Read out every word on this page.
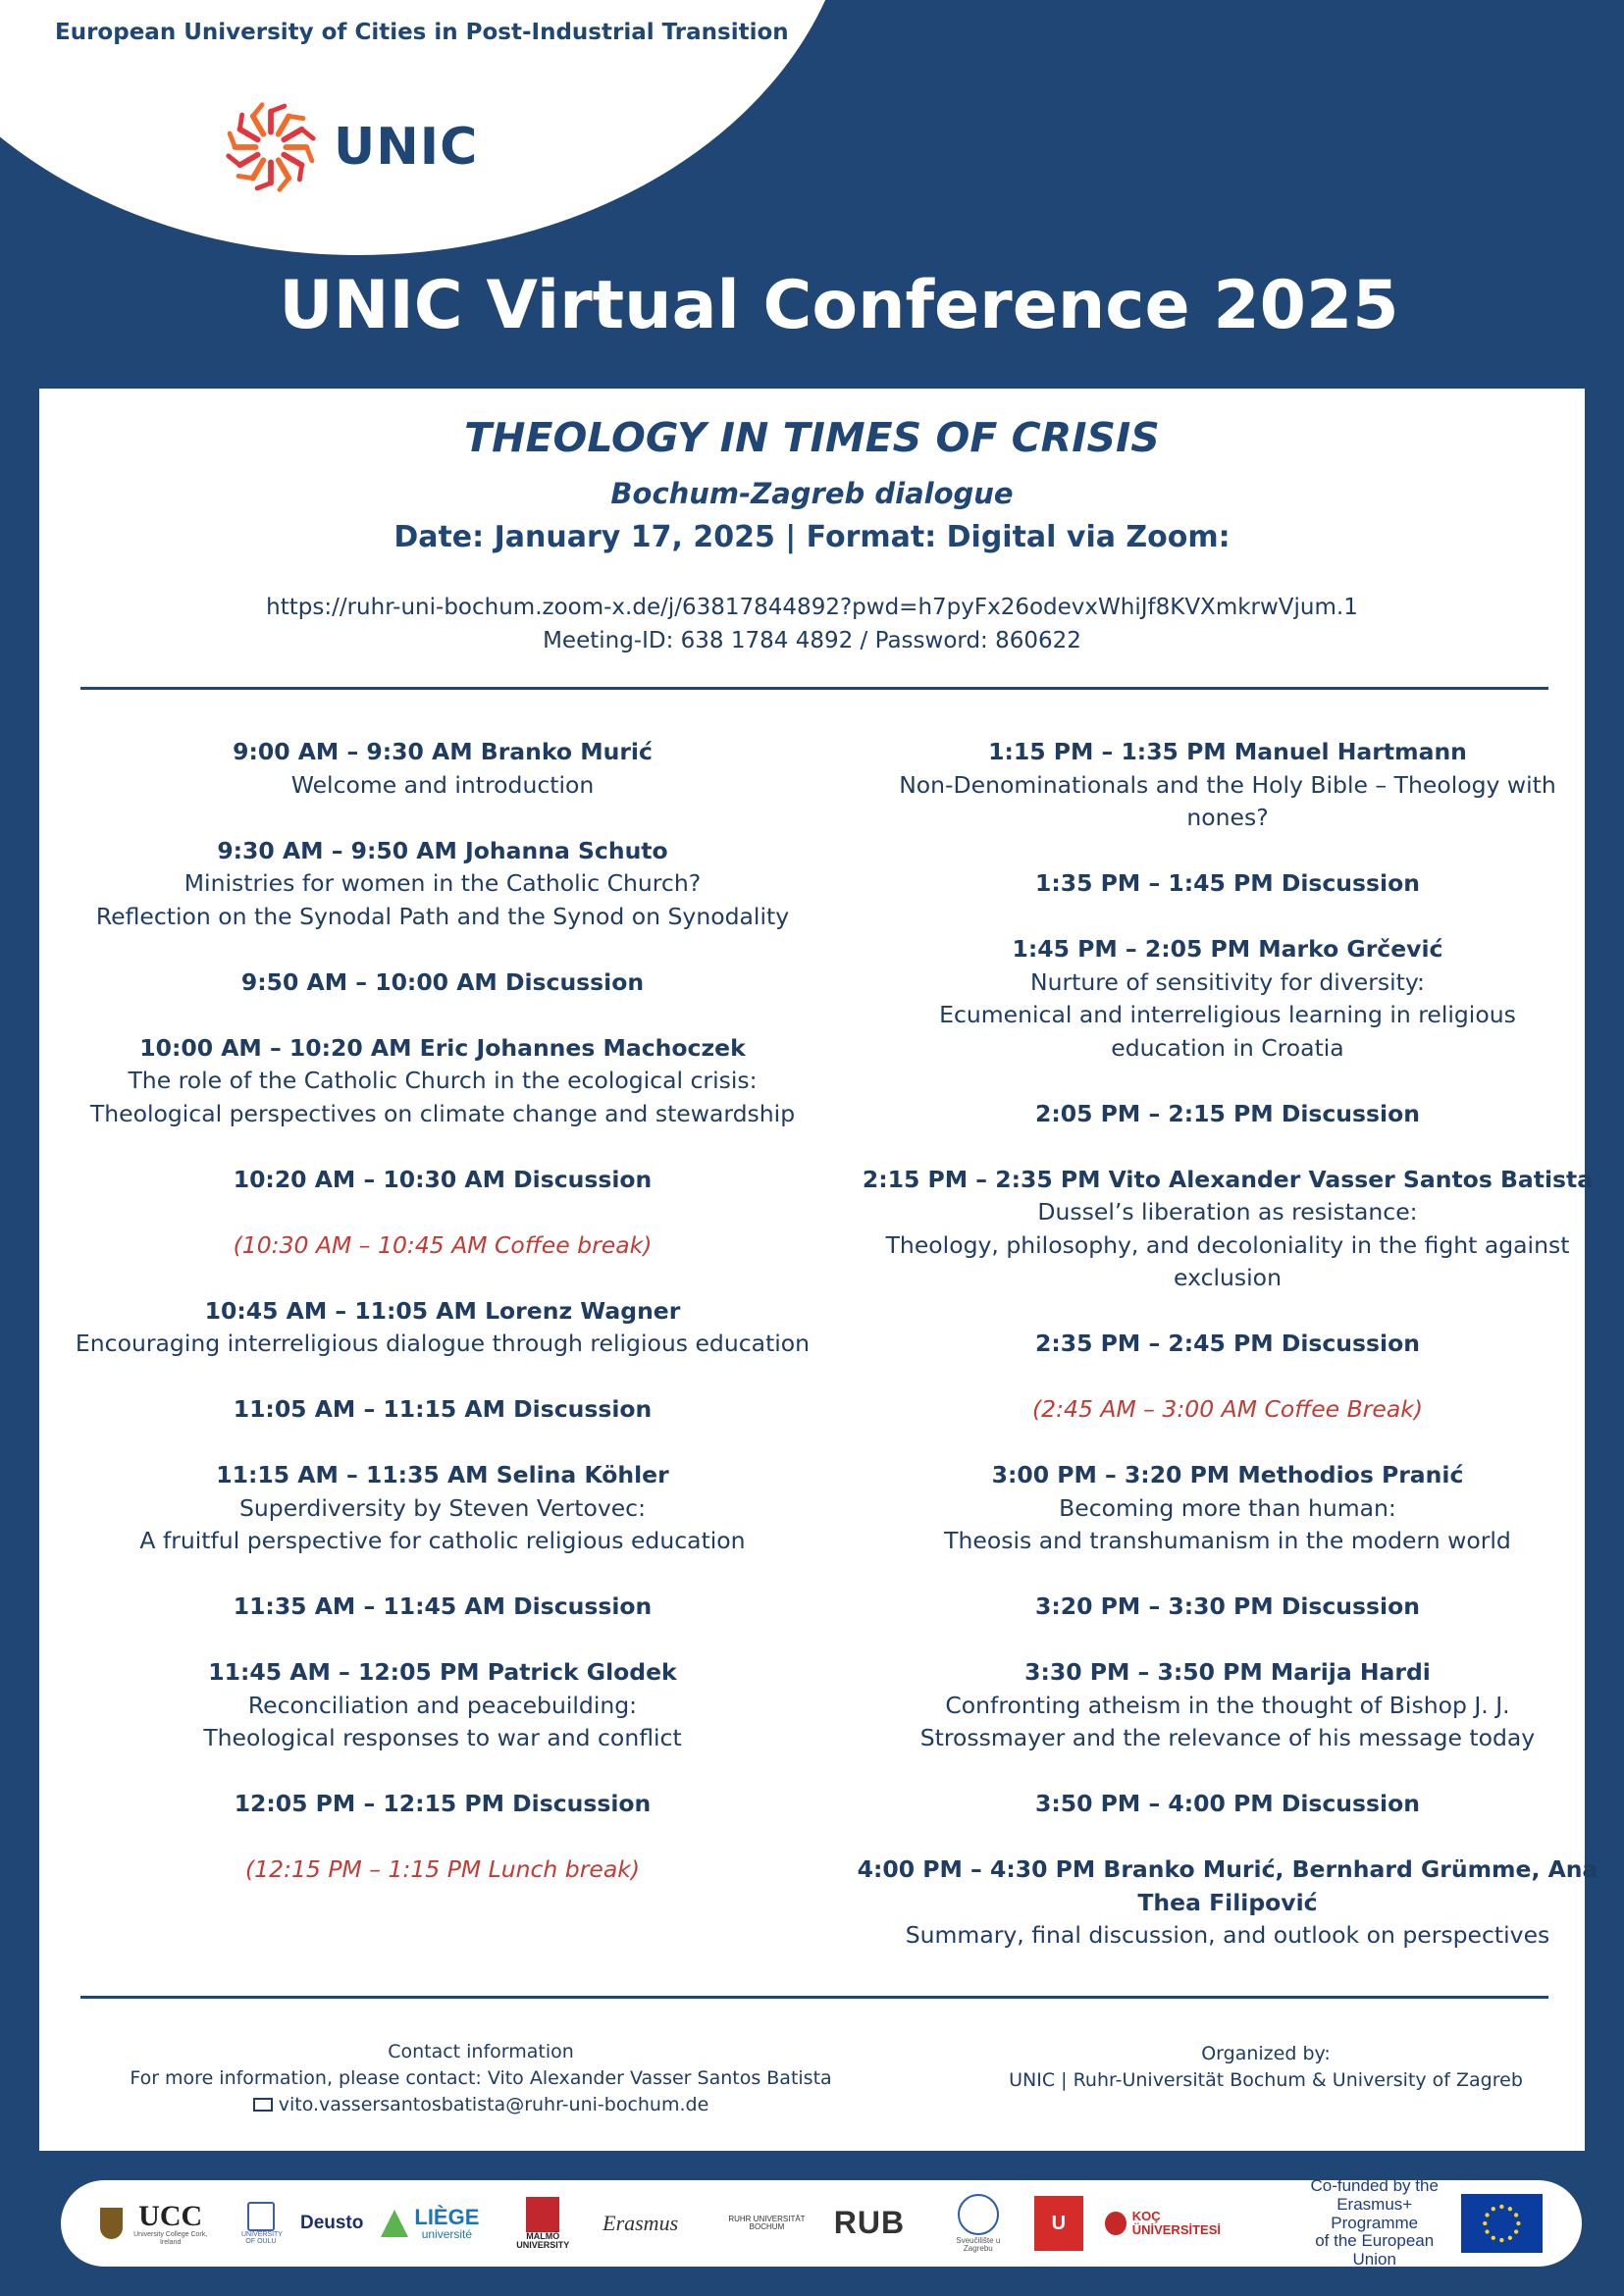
European University of Cities in Post-Industrial Transition
UNIC
UNIC Virtual Conference 2025
THEOLOGY IN TIMES OF CRISIS
Bochum-Zagreb dialogue
Date: January 17, 2025 | Format: Digital via Zoom:
https://ruhr-uni-bochum.zoom-x.de/j/63817844892?pwd=h7pyFx26odevxWhiJf8KVXmkrwVjum.1
Meeting-ID: 638 1784 4892 / Password: 860622
9:00 AM – 9:30 AM Branko Murić
Welcome and introduction
9:30 AM – 9:50 AM Johanna Schuto
Ministries for women in the Catholic Church?
Reflection on the Synodal Path and the Synod on Synodality
9:50 AM – 10:00 AM Discussion
10:00 AM – 10:20 AM Eric Johannes Machoczek
The role of the Catholic Church in the ecological crisis:
Theological perspectives on climate change and stewardship
10:20 AM – 10:30 AM Discussion
(10:30 AM – 10:45 AM Coffee break)
10:45 AM – 11:05 AM Lorenz Wagner
Encouraging interreligious dialogue through religious education
11:05 AM – 11:15 AM Discussion
11:15 AM – 11:35 AM Selina Köhler
Superdiversity by Steven Vertovec:
A fruitful perspective for catholic religious education
11:35 AM – 11:45 AM Discussion
11:45 AM – 12:05 PM Patrick Glodek
Reconciliation and peacebuilding:
Theological responses to war and conflict
12:05 PM – 12:15 PM Discussion
(12:15 PM – 1:15 PM Lunch break)
1:15 PM – 1:35 PM Manuel Hartmann
Non-Denominationals and the Holy Bible – Theology with
nones?
1:35 PM – 1:45 PM Discussion
1:45 PM – 2:05 PM Marko Grčević
Nurture of sensitivity for diversity:
Ecumenical and interreligious learning in religious
education in Croatia
2:05 PM – 2:15 PM Discussion
2:15 PM – 2:35 PM Vito Alexander Vasser Santos Batista
Dussel’s liberation as resistance:
Theology, philosophy, and decoloniality in the fight against
exclusion
2:35 PM – 2:45 PM Discussion
(2:45 AM – 3:00 AM Coffee Break)
3:00 PM – 3:20 PM Methodios Pranić
Becoming more than human:
Theosis and transhumanism in the modern world
3:20 PM – 3:30 PM Discussion
3:30 PM – 3:50 PM Marija Hardi
Confronting atheism in the thought of Bishop J. J.
Strossmayer and the relevance of his message today
3:50 PM – 4:00 PM Discussion
4:00 PM – 4:30 PM Branko Murić, Bernhard Grümme, Ana
Thea Filipović
Summary, final discussion, and outlook on perspectives
Contact information
For more information, please contact: Vito Alexander Vasser Santos Batista
vito.vassersantosbatista@ruhr-uni-bochum.de
Organized by:
UNIC | Ruhr-Universität Bochum & University of Zagreb
UCC
University College Cork, Ireland
UNIVERSITY OF OULU
Deusto LIÈGE
université	MALMÖ UNIVERSITY
Erasmus	RUHR UNIVERSITÄT BOCHUM	RUB	Sveučilište u Zagrebu
U	KOÇ ÜNİVERSİTESİ
Co-funded by the
Erasmus+ Programme
of the European Union
